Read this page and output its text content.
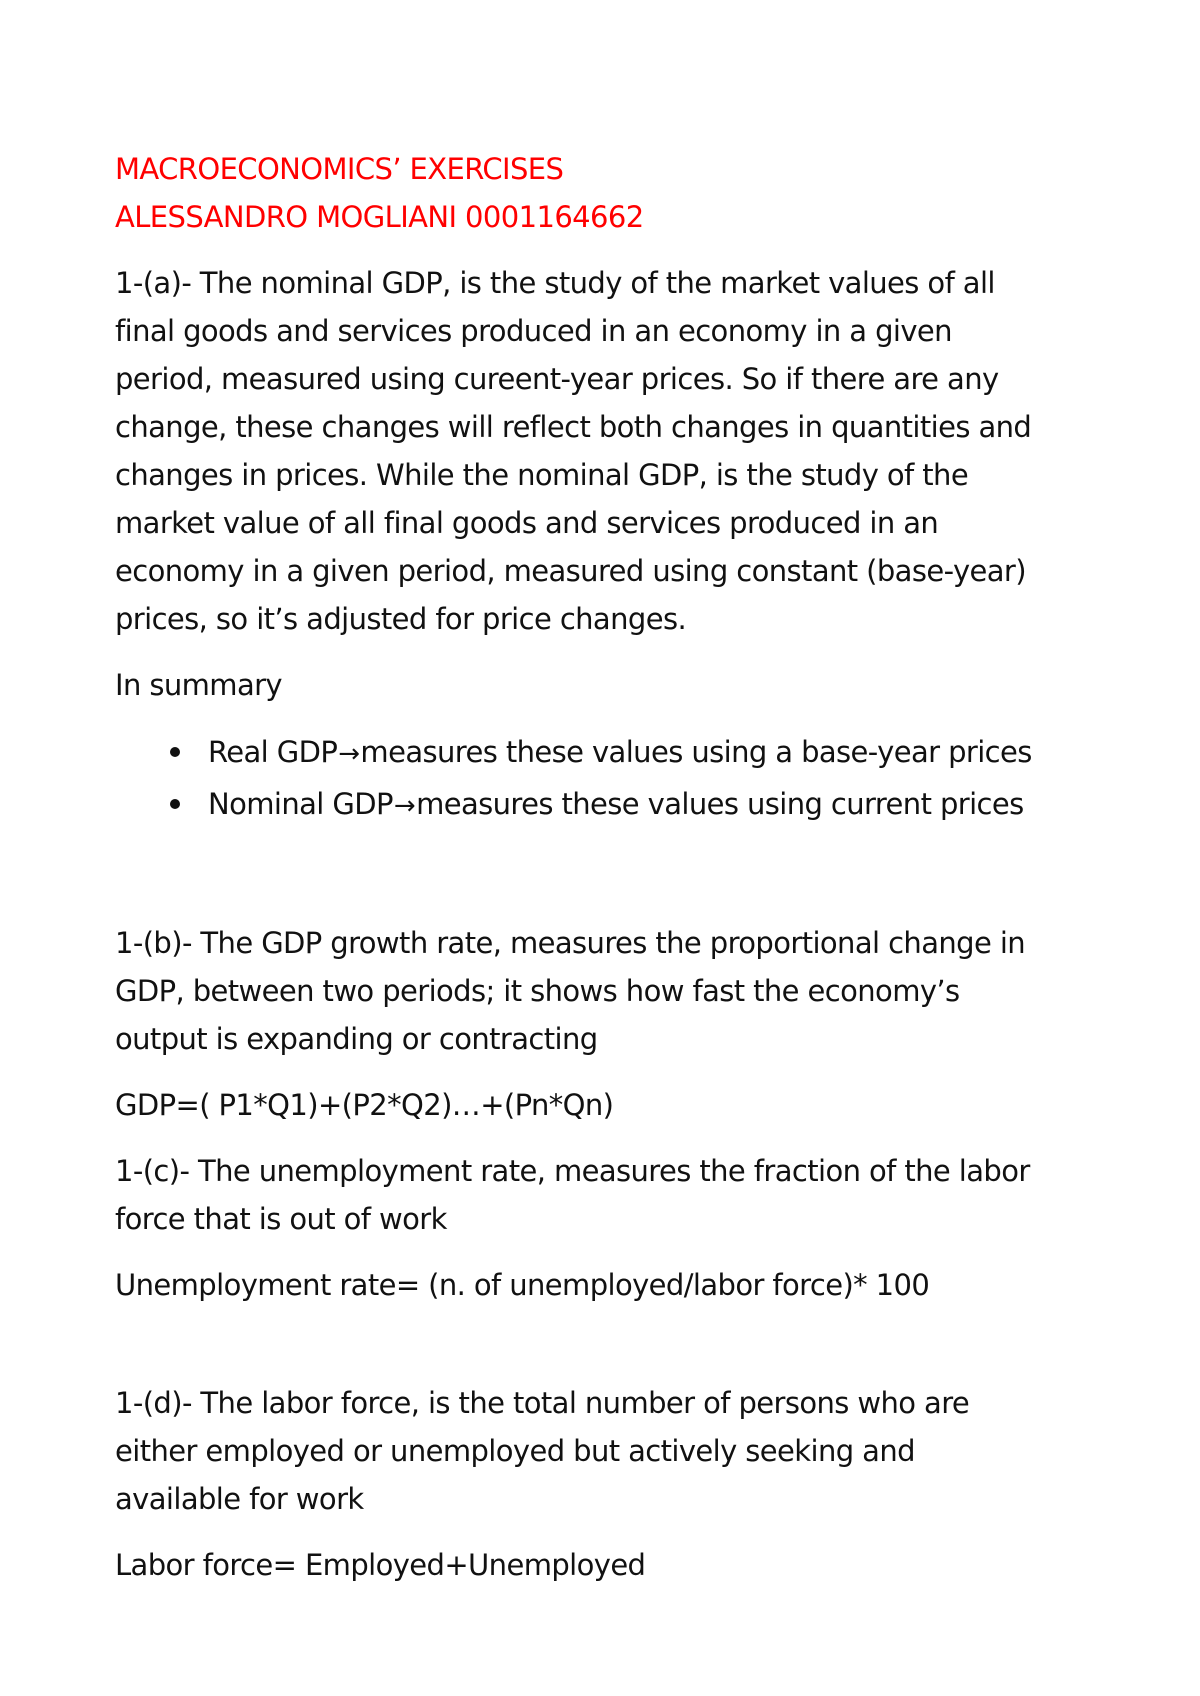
MACROECONOMICS’ EXERCISES
ALESSANDRO MOGLIANI 0001164662
1-(a)- The nominal GDP, is the study of the market values of all
final goods and services produced in an economy in a given
period, measured using cureent-year prices. So if there are any
change, these changes will reflect both changes in quantities and
changes in prices. While the nominal GDP, is the study of the
market value of all final goods and services produced in an
economy in a given period, measured using constant (base-year)
prices, so it’s adjusted for price changes.
In summary
Real GDP→measures these values using a base-year prices
Nominal GDP→measures these values using current prices
1-(b)- The GDP growth rate, measures the proportional change in
GDP, between two periods; it shows how fast the economy’s
output is expanding or contracting
GDP=( P1*Q1)+(P2*Q2)…+(Pn*Qn)
1-(c)- The unemployment rate, measures the fraction of the labor
force that is out of work
Unemployment rate= (n. of unemployed/labor force)* 100
1-(d)- The labor force, is the total number of persons who are
either employed or unemployed but actively seeking and
available for work
Labor force= Employed+Unemployed
